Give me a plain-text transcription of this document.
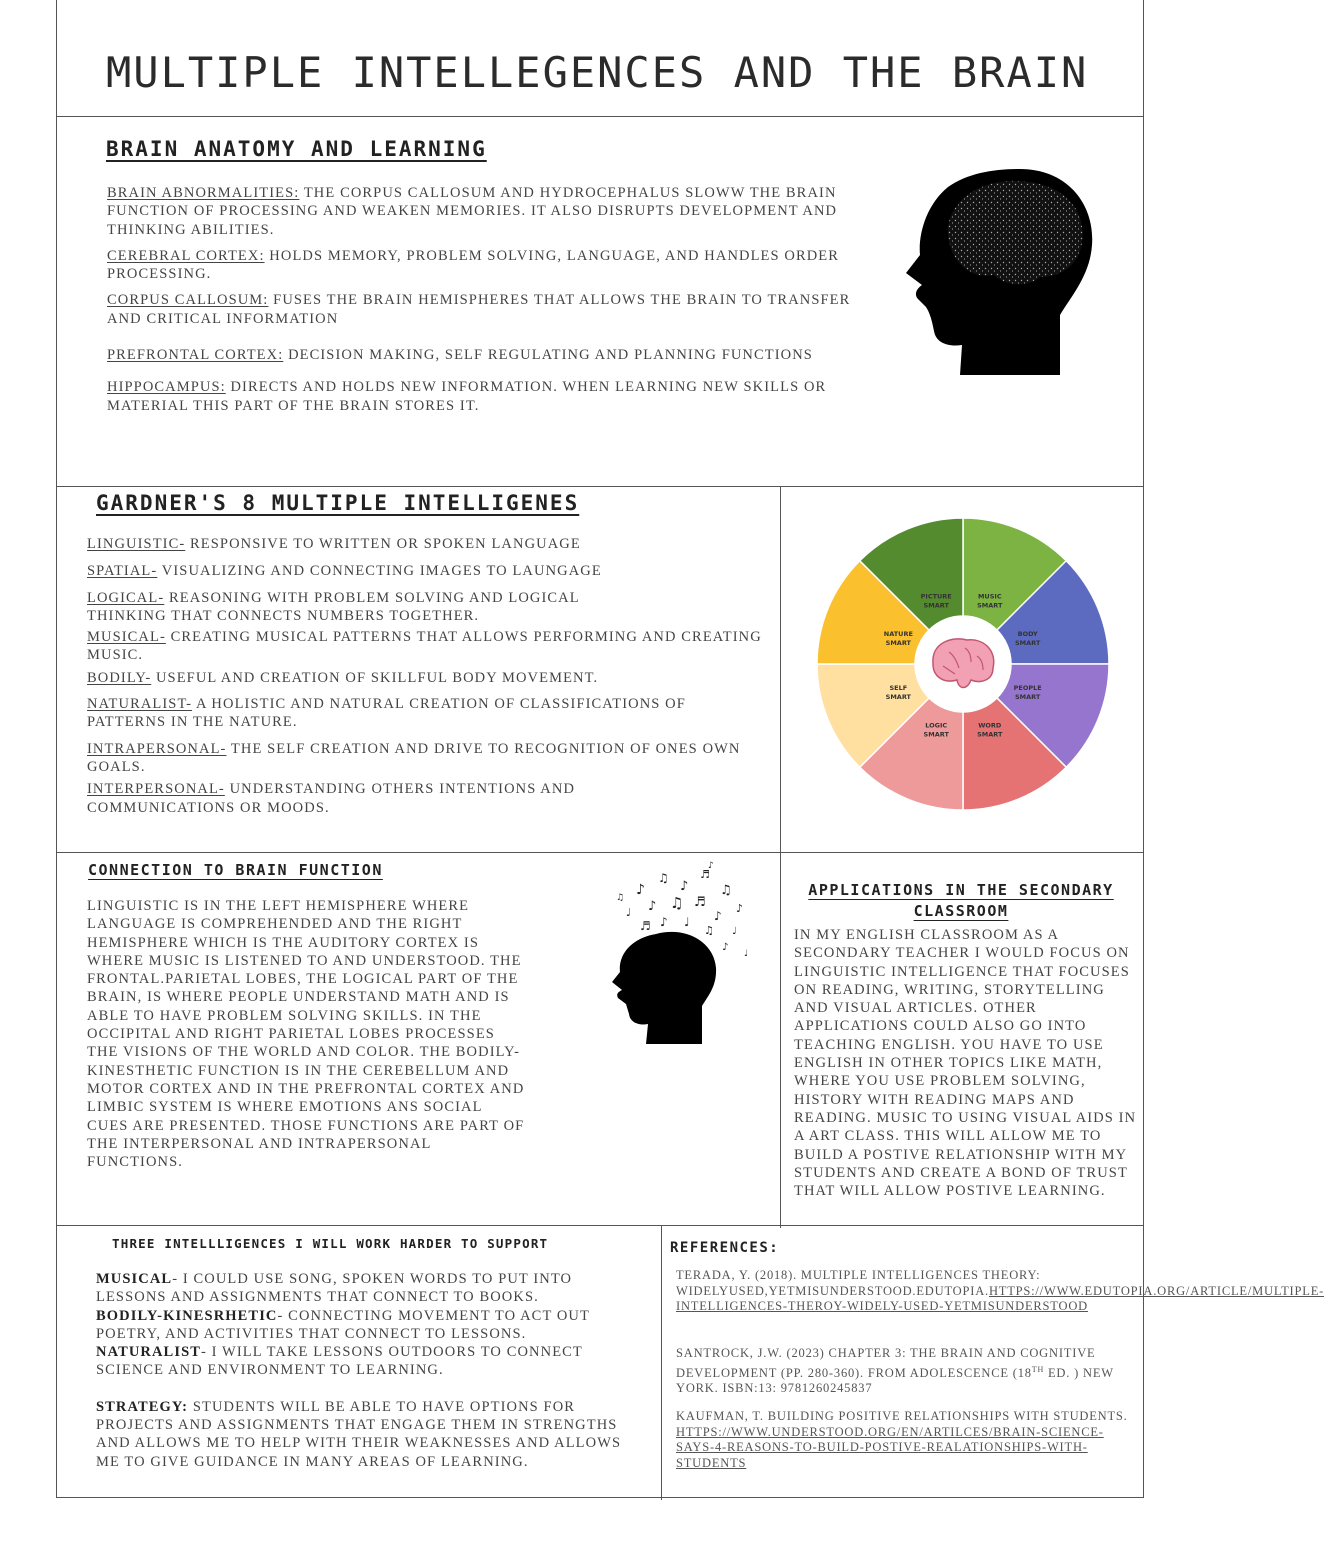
MULTIPLE INTELLEGENCES AND THE BRAIN
BRAIN ANATOMY AND LEARNING

BRAIN ABNORMALITIES: THE CORPUS CALLOSUM AND HYDROCEPHALUS SLOWW THE BRAIN FUNCTION OF PROCESSING AND WEAKEN MEMORIES. IT ALSO DISRUPTS DEVELOPMENT AND THINKING ABILITIES.

CEREBRAL CORTEX: HOLDS MEMORY, PROBLEM SOLVING, LANGUAGE, AND HANDLES ORDER PROCESSING.

CORPUS CALLOSUM: FUSES THE BRAIN HEMISPHERES THAT ALLOWS THE BRAIN TO TRANSFER AND CRITICAL INFORMATION

PREFRONTAL CORTEX: DECISION MAKING, SELF REGULATING AND PLANNING FUNCTIONS

HIPPOCAMPUS: DIRECTS AND HOLDS NEW INFORMATION. WHEN LEARNING NEW SKILLS OR MATERIAL THIS PART OF THE BRAIN STORES IT.

GARDNER'S 8 MULTIPLE INTELLIGENES

LINGUISTIC- RESPONSIVE TO WRITTEN OR SPOKEN LANGUAGE

SPATIAL- VISUALIZING AND CONNECTING IMAGES TO LAUNGAGE

LOGICAL- REASONING WITH PROBLEM SOLVING AND LOGICAL THINKING THAT CONNECTS NUMBERS TOGETHER.

MUSICAL- CREATING MUSICAL PATTERNS THAT ALLOWS PERFORMING AND CREATING MUSIC.

BODILY- USEFUL AND CREATION OF SKILLFUL BODY MOVEMENT.

NATURALIST- A HOLISTIC AND NATURAL CREATION OF CLASSIFICATIONS OF PATTERNS IN THE NATURE.

INTRAPERSONAL- THE SELF CREATION AND DRIVE TO RECOGNITION OF ONES OWN GOALS.

INTERPERSONAL- UNDERSTANDING OTHERS INTENTIONS AND COMMUNICATIONS OR MOODS.

MUSIC
SMART
BODY
SMART
PEOPLE
SMART
WORD
SMART
LOGIC
SMART
SELF
SMART
NATURE
SMART
PICTURE
SMART
CONNECTION TO BRAIN FUNCTION
LINGUISTIC IS IN THE LEFT HEMISPHERE WHERE LANGUAGE IS COMPREHENDED AND THE RIGHT HEMISPHERE WHICH IS THE AUDITORY CORTEX IS WHERE MUSIC IS LISTENED TO AND UNDERSTOOD. THE FRONTAL.PARIETAL LOBES, THE LOGICAL PART OF THE BRAIN, IS WHERE PEOPLE UNDERSTAND MATH AND IS ABLE TO HAVE PROBLEM SOLVING SKILLS. IN THE OCCIPITAL AND RIGHT PARIETAL LOBES PROCESSES THE VISIONS OF THE WORLD AND COLOR. THE BODILY-KINESTHETIC FUNCTION IS IN THE CEREBELLUM AND MOTOR CORTEX AND IN THE PREFRONTAL CORTEX AND LIMBIC SYSTEM IS WHERE EMOTIONS ANS SOCIAL CUES ARE PRESENTED. THOSE FUNCTIONS ARE PART OF THE INTERPERSONAL AND INTRAPERSONAL FUNCTIONS.
♪
♫
♪
♬
♫
♪
♩ ♪ ♫ ♬
♪
♩
♬ ♪ ♩
♫
♪
♩
♪
♫	APPLICATIONS IN THE SECONDARY
CLASSROOM
IN MY ENGLISH CLASSROOM AS A SECONDARY TEACHER I WOULD FOCUS ON LINGUISTIC INTELLIGENCE THAT FOCUSES ON READING, WRITING, STORYTELLING AND VISUAL ARTICLES. OTHER APPLICATIONS COULD ALSO GO INTO TEACHING ENGLISH. YOU HAVE TO USE ENGLISH IN OTHER TOPICS LIKE MATH, WHERE YOU USE PROBLEM SOLVING, HISTORY WITH READING MAPS AND READING. MUSIC TO USING VISUAL AIDS IN A ART CLASS. THIS WILL ALLOW ME TO BUILD A POSTIVE RELATIONSHIP WITH MY STUDENTS AND CREATE A BOND OF TRUST THAT WILL ALLOW POSTIVE LEARNING.
THREE INTELLLIGENCES I WILL WORK HARDER TO SUPPORT

MUSICAL- I COULD USE SONG, SPOKEN WORDS TO PUT INTO LESSONS AND ASSIGNMENTS THAT CONNECT TO BOOKS.

BODILY-KINESRHETIC- CONNECTING MOVEMENT TO ACT OUT POETRY, AND ACTIVITIES THAT CONNECT TO LESSONS.

NATURALIST- I WILL TAKE LESSONS OUTDOORS TO CONNECT SCIENCE AND ENVIRONMENT TO LEARNING.

STRATEGY: STUDENTS WILL BE ABLE TO HAVE OPTIONS FOR PROJECTS AND ASSIGNMENTS THAT ENGAGE THEM IN STRENGTHS AND ALLOWS ME TO HELP WITH THEIR WEAKNESSES AND ALLOWS ME TO GIVE GUIDANCE IN MANY AREAS OF LEARNING.

REFERENCES:
TERADA, Y. (2018). MULTIPLE INTELLIGENCES THEORY: WIDELYUSED,YETMISUNDERSTOOD.EDUTOPIA.HTTPS://WWW.EDUTOPIA.ORG/ARTICLE/MULTIPLE- INTELLIGENCES-THEROY-WIDELY-USED-YETMISUNDERSTOOD
SANTROCK, J.W. (2023) CHAPTER 3: THE BRAIN AND COGNITIVE DEVELOPMENT (PP. 280-360). FROM ADOLESCENCE (18TH ED. ) NEW YORK. ISBN:13: 9781260245837
KAUFMAN, T. BUILDING POSITIVE RELATIONSHIPS WITH STUDENTS. HTTPS://WWW.UNDERSTOOD.ORG/EN/ARTILCES/BRAIN-SCIENCE-SAYS-4-REASONS-TO-BUILD-POSTIVE-REALATIONSHIPS-WITH-STUDENTS
